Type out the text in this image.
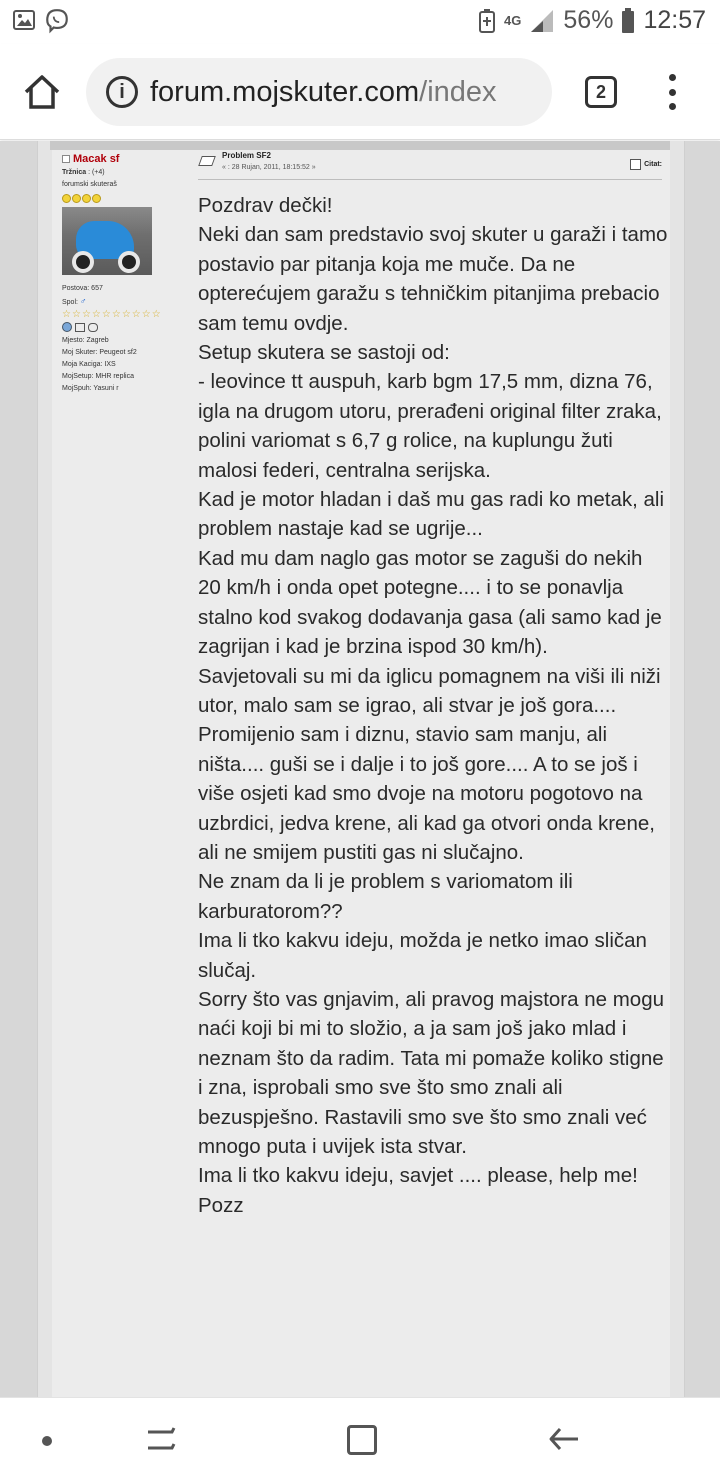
4G 56% 12:57
i forum.mojskuter.com/index	2
Macak sf
Tržnica : (+4)
forumski skuteraš
Postova: 657
Spol: ♂
☆ ☆ ☆ ☆ ☆ ☆ ☆ ☆ ☆ ☆
Mjesto: Zagreb
Moj Skuter: Peugeot sf2
Moja Kaciga: IXS
MojSetup: MHR replica
MojSpuh: Yasuni r
Problem SF2
« : 28 Rujan, 2011, 18:15:52 »	Citat:

Pozdrav dečki!

Neki dan sam predstavio svoj skuter u garaži i tamo postavio par pitanja koja me muče. Da ne opterećujem garažu s tehničkim pitanjima prebacio sam temu ovdje.

Setup skutera se sastoji od:

- leovince tt auspuh, karb bgm 17,5 mm, dizna 76, igla na drugom utoru, prerađeni original filter zraka, polini variomat s 6,7 g rolice, na kuplungu žuti malosi federi, centralna serijska.

Kad je motor hladan i daš mu gas radi ko metak, ali problem nastaje kad se ugrije...

Kad mu dam naglo gas motor se zaguši do nekih 20 km/h i onda opet potegne.... i to se ponavlja stalno kod svakog dodavanja gasa (ali samo kad je zagrijan i kad je brzina ispod 30 km/h).

Savjetovali su mi da iglicu pomagnem na viši ili niži utor, malo sam se igrao, ali stvar je još gora....

Promijenio sam i diznu, stavio sam manju, ali ništa.... guši se i dalje i to još gore.... A to se još i više osjeti kad smo dvoje na motoru pogotovo na uzbrdici, jedva krene, ali kad ga otvori onda krene, ali ne smijem pustiti gas ni slučajno.

Ne znam da li je problem s variomatom ili karburatorom??

Ima li tko kakvu ideju, možda je netko imao sličan slučaj.

Sorry što vas gnjavim, ali pravog majstora ne mogu naći koji bi mi to složio, a ja sam još jako mlad i neznam što da radim. Tata mi pomaže koliko stigne i zna, isprobali smo sve što smo znali ali bezuspješno. Rastavili smo sve što smo znali već mnogo puta i uvijek ista stvar.

Ima li tko kakvu ideju, savjet .... please, help me!

Pozz
